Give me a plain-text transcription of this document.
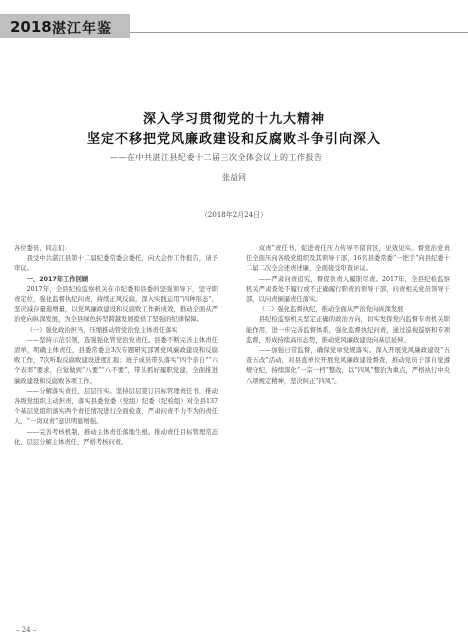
2018 湛江年鉴
深入学习贯彻党的十九大精神
坚定不移把党风廉政建设和反腐败斗争引向深入
——在中共湛江县纪委十二届三次全体会议上的工作报告
张益同
（2018年2月24日）

各位委员、同志们：

我受中共湛江县第十二届纪委常委会委托，向大会作工作报告，请予审议。

一、2017年工作回顾

2017年，全县纪检监察机关在市纪委和县委的坚强领导下，坚守职责定位，强化监督执纪问责，持续正风反腐，深入实践运用“四种形态”，坚决减存量遏增量，以党风廉政建设和反腐败工作新成效，推动全面从严治党向纵深发展，为全县绿色转型跨越发展提供了坚强的纪律保障。

（一）强化政治担当，压缩推动管党治党主体责任落实

——坚持示范引领，选强强化管党治党责任。县委不断完善主体责任清单，明确主体责任，县委常委会3次专题研究部署党风廉政建设和反腐败工作，7次听取反腐败建设进度汇报；班子成员带头落实“四个亲自”“六个表率”要求，自觉做到“八要”“八不要”，带头抓好履职党建，全面推进廉政建设和反腐败各项工作。

——分解落实责任，层层压实。坚持层层签订目标管理责任书，推动各级党组织主动担责，落实县委党委（党组）纪委（纪检组）对全县137个基层党组织落实两个责任情况进行全面检查，严肃问责不力不为的责任人，“一岗双责”意识明显增强。

——完善考核机制，推动主体责任落地生根。推动责任目标管理常态化，层层分解主体责任，严格考核问责。

双责”责任书，促进责任压力传导不留盲区，见效见实。督党治党责任全面压向各级党组织及其领导干部，16名县委常委“一把手”向县纪委十二届二次全会述责述廉，全面接受审查评议。

——严肃问责追究，督促负责人履职尽责。2017年，全县纪检监察机关严肃查处不履行或不正确履行职责的领导干部，问责相关党员领导干部，以问责倒逼责任落实。

（二）强化监督执纪，推动全面从严治党向纵深发展

县纪检监察机关坚定正确的政治方向，切实发挥党内监督专责机关职能作用，进一步完善监督体系，强化监督执纪问责，通过巡视巡察和专项监督，形成持续高压态势，推动党风廉政建设向基层延伸。

——加强日常监督，确保党章党规落实。深入开展党风廉政建设“五查五改”活动，对县直单位开展党风廉政建设督查，推动党员干部自觉遵规守纪，持续深化“一宗一档”整改，以“四风”整治为重点，严格执行中央八项规定精神，坚决纠正“四风”。

– 24 –
